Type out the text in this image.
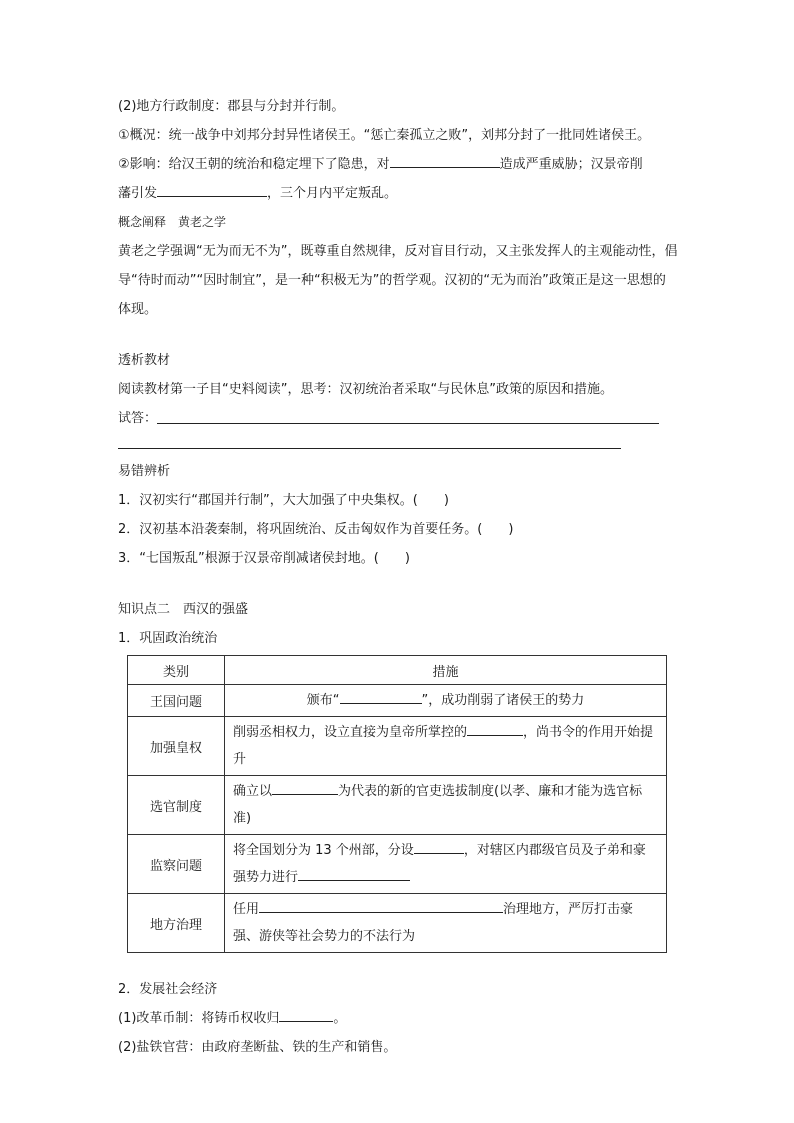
(2)地方行政制度：郡县与分封并行制。
①概况：统一战争中刘邦分封异性诸侯王。“惩亡秦孤立之败”，刘邦分封了一批同姓诸侯王。
②影响：给汉王朝的统治和稳定埋下了隐患，对	造成严重威胁；汉景帝削
藩引发	，三个月内平定叛乱。
概念阐释　黄老之学
黄老之学强调“无为而无不为”，既尊重自然规律，反对盲目行动，又主张发挥人的主观能动性，倡导“待时而动”“因时制宜”，是一种“积极无为”的哲学观。汉初的“无为而治”政策正是这一思想的体现。
透析教材
阅读教材第一子目“史料阅读”，思考：汉初统治者采取“与民休息”政策的原因和措施。
试答：
易错辨析
1．汉初实行“郡国并行制”，大大加强了中央集权。(　　)
2．汉初基本沿袭秦制，将巩固统治、反击匈奴作为首要任务。(　　)
3．“七国叛乱”根源于汉景帝削减诸侯封地。(　　)
知识点二　西汉的强盛
1．巩固政治统治
类别	措施
王国问题	颁布“ ”，成功削弱了诸侯王的势力
加强皇权	削弱丞相权力，设立直接为皇帝所掌控的 ，尚书令的作用开始提升
选官制度	确立以 为代表的新的官吏选拔制度(以孝、廉和才能为选官标准)
监察问题	将全国划分为 13 个州部，分设 ，对辖区内郡级官员及子弟和豪强势力进行
地方治理	任用 治理地方，严厉打击豪强、游侠等社会势力的不法行为
2．发展社会经济
(1)改革币制：将铸币权收归	。
(2)盐铁官营：由政府垄断盐、铁的生产和销售。
